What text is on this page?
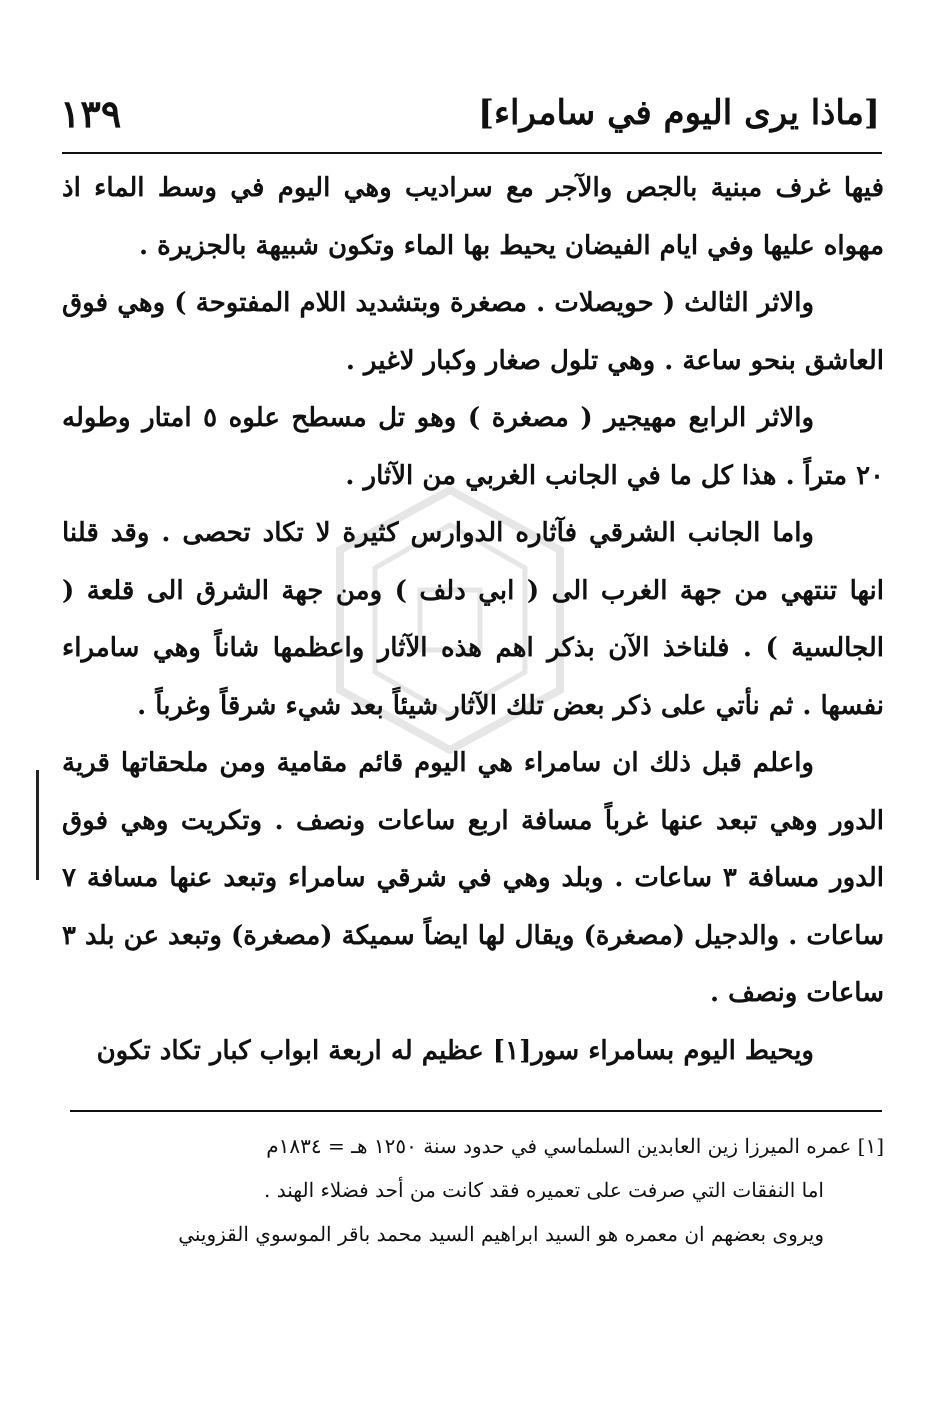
[ماذا يرى اليوم في سامراء]
١٣٩

فيها غرف مبنية بالجص والآجر مع سراديب وهي اليوم في وسط الماء اذ مهواه عليها وفي ايام الفيضان يحيط بها الماء وتكون شبيهة بالجزيرة .

والاثر الثالث ( حويصلات . مصغرة وبتشديد اللام المفتوحة ) وهي فوق العاشق بنحو ساعة . وهي تلول صغار وكبار لاغير .

والاثر الرابع مهيجير ( مصغرة ) وهو تل مسطح علوه ٥ امتار وطوله ٢٠ متراً . هذا كل ما في الجانب الغربي من الآثار .

واما الجانب الشرقي فآثاره الدوارس كثيرة لا تكاد تحصى . وقد قلنا انها تنتهي من جهة الغرب الى ( ابي دلف ) ومن جهة الشرق الى قلعة ( الجالسية ) . فلناخذ الآن بذكر اهم هذه الآثار واعظمها شاناً وهي سامراء نفسها . ثم نأتي على ذكر بعض تلك الآثار شيئاً بعد شيء شرقاً وغرباً .

واعلم قبل ذلك ان سامراء هي اليوم قائم مقامية ومن ملحقاتها قرية الدور وهي تبعد عنها غرباً مسافة اربع ساعات ونصف . وتكريت وهي فوق الدور مسافة ٣ ساعات . وبلد وهي في شرقي سامراء وتبعد عنها مسافة ٧ ساعات . والدجيل (مصغرة) ويقال لها ايضاً سميكة (مصغرة) وتبعد عن بلد ٣ ساعات ونصف .

ويحيط اليوم بسامراء سور[١] عظيم له اربعة ابواب كبار تكاد تكون

[١] عمره الميرزا زين العابدين السلماسي في حدود سنة ١٢٥٠ هـ = ١٨٣٤م

اما النفقات التي صرفت على تعميره فقد كانت من أحد فضلاء الهند .

ويروى بعضهم ان معمره هو السيد ابراهيم السيد محمد باقر الموسوي القزويني
